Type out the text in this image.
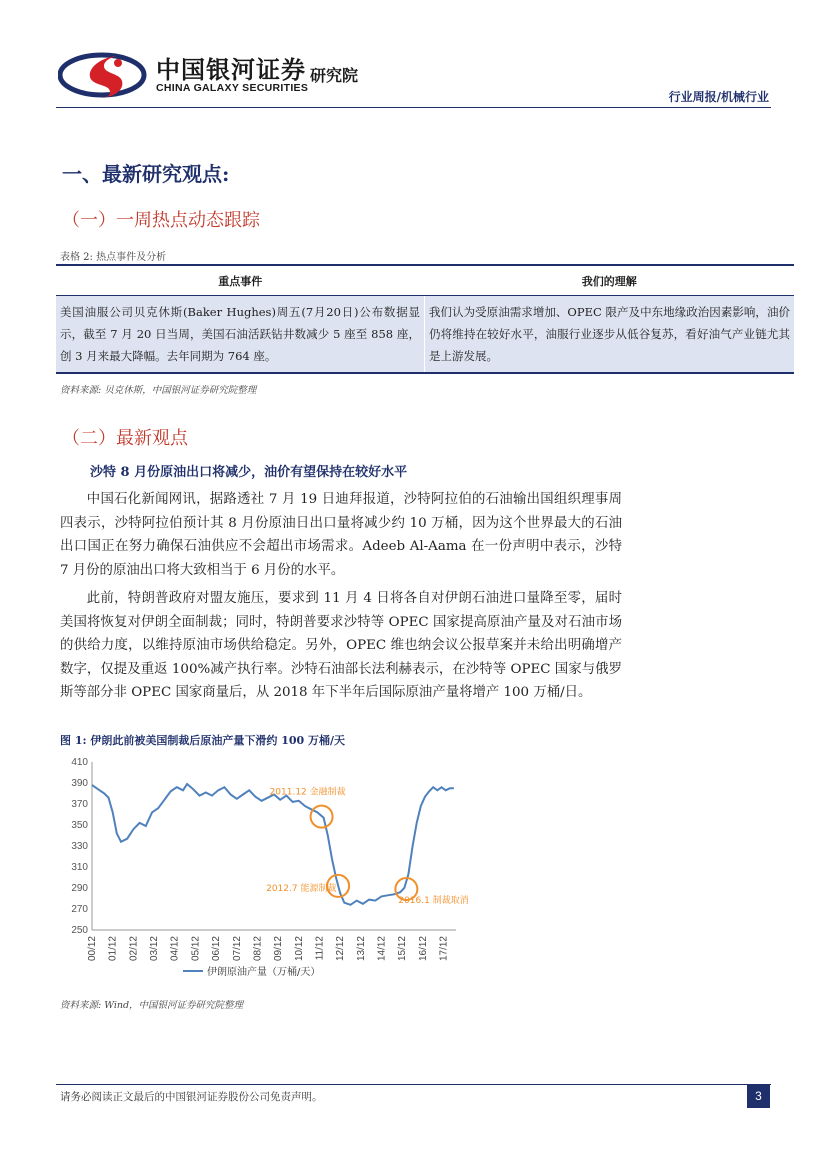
中国银河证券
CHINA GALAXY SECURITIES
研究院
行业周报/机械行业
一、最新研究观点:
（一）一周热点动态跟踪
表格 2: 热点事件及分析
重点事件	我们的理解
美国油服公司贝克休斯(Baker Hughes)周五(7月20日)公布数据显示，截至 7 月 20 日当周，美国石油活跃钻井数减少 5 座至 858 座，创 3 月来最大降幅。去年同期为 764 座。	我们认为受原油需求增加、OPEC 限产及中东地缘政治因素影响，油价仍将维持在较好水平，油服行业逐步从低谷复苏，看好油气产业链尤其是上游发展。
资料来源: 贝克休斯，中国银河证券研究院整理
（二）最新观点
沙特 8 月份原油出口将减少，油价有望保持在较好水平

中国石化新闻网讯，据路透社 7 月 19 日迪拜报道，沙特阿拉伯的石油输出国组织理事周四表示，沙特阿拉伯预计其 8 月份原油日出口量将减少约 10 万桶，因为这个世界最大的石油出口国正在努力确保石油供应不会超出市场需求。Adeeb Al-Aama 在一份声明中表示，沙特 7 月份的原油出口将大致相当于 6 月份的水平。

此前，特朗普政府对盟友施压，要求到 11 月 4 日将各自对伊朗石油进口量降至零，届时美国将恢复对伊朗全面制裁；同时，特朗普要求沙特等 OPEC 国家提高原油产量及对石油市场的供给力度，以维持原油市场供给稳定。另外，OPEC 维也纳会议公报草案并未给出明确增产数字，仅提及重返 100%减产执行率。沙特石油部长法利赫表示，在沙特等 OPEC 国家与俄罗斯等部分非 OPEC 国家商量后，从 2018 年下半年后国际原油产量将增产 100 万桶/日。

图 1: 伊朗此前被美国制裁后原油产量下滑约 100 万桶/天
250
270
290
310
330
350
370
390
410
00/12 01/12 02/12 03/12 04/12 05/12 06/12 07/12 08/12 09/12 10/12 11/12 12/12 13/12 14/12 15/12 16/12 17/12
2011.12 金融制裁
2012.7 能源制裁
2016.1 制裁取消
伊朗原油产量（万桶/天）
资料来源: Wind，中国银河证券研究院整理
请务必阅读正文最后的中国银河证券股份公司免责声明。	3
